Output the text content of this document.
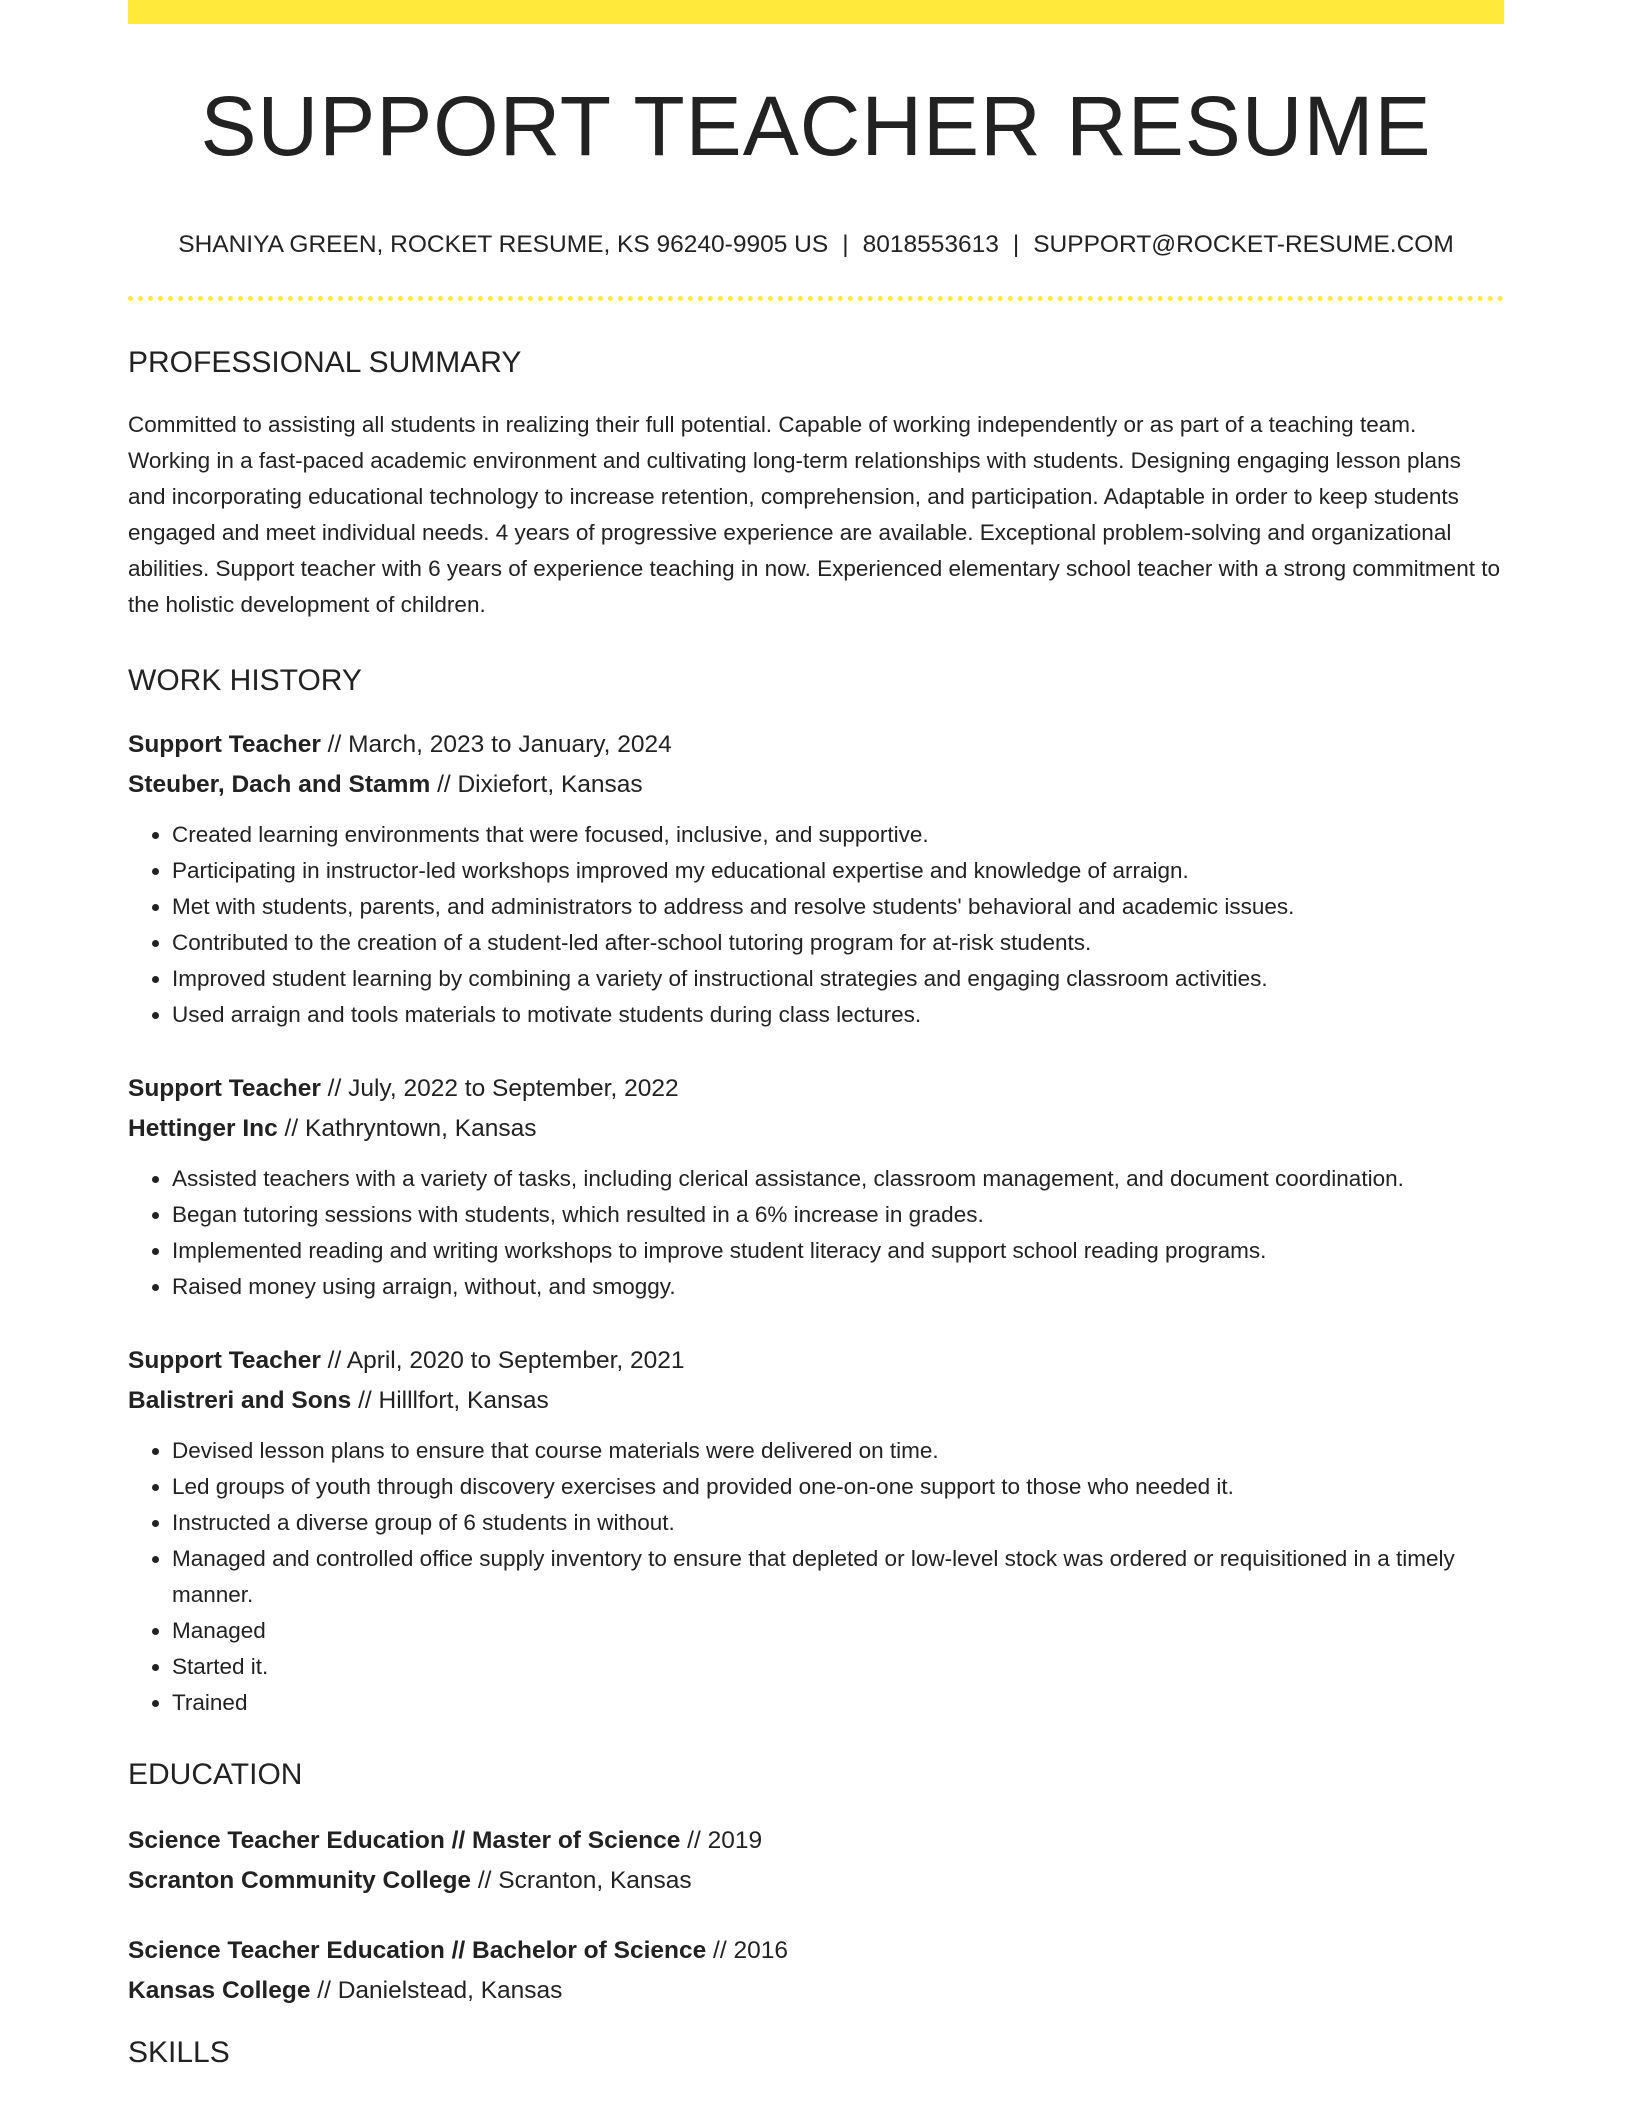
SUPPORT TEACHER RESUME
SHANIYA GREEN, ROCKET RESUME, KS 96240-9905 US | 8018553613 | SUPPORT@ROCKET-RESUME.COM
PROFESSIONAL SUMMARY

Committed to assisting all students in realizing their full potential. Capable of working independently or as part of a teaching team. Working in a fast-paced academic environment and cultivating long-term relationships with students. Designing engaging lesson plans and incorporating educational technology to increase retention, comprehension, and participation. Adaptable in order to keep students engaged and meet individual needs. 4 years of progressive experience are available. Exceptional problem-solving and organizational abilities. Support teacher with 6 years of experience teaching in now. Experienced elementary school teacher with a strong commitment to the holistic development of children.

WORK HISTORY
Support Teacher // March, 2023 to January, 2024
Steuber, Dach and Stamm // Dixiefort, Kansas
• Created learning environments that were focused, inclusive, and supportive.
• Participating in instructor-led workshops improved my educational expertise and knowledge of arraign.
• Met with students, parents, and administrators to address and resolve students' behavioral and academic issues.
• Contributed to the creation of a student-led after-school tutoring program for at-risk students.
• Improved student learning by combining a variety of instructional strategies and engaging classroom activities.
• Used arraign and tools materials to motivate students during class lectures.
Support Teacher // July, 2022 to September, 2022
Hettinger Inc // Kathryntown, Kansas
• Assisted teachers with a variety of tasks, including clerical assistance, classroom management, and document coordination.
• Began tutoring sessions with students, which resulted in a 6% increase in grades.
• Implemented reading and writing workshops to improve student literacy and support school reading programs.
• Raised money using arraign, without, and smoggy.
Support Teacher // April, 2020 to September, 2021
Balistreri and Sons // Hilllfort, Kansas
• Devised lesson plans to ensure that course materials were delivered on time.
• Led groups of youth through discovery exercises and provided one-on-one support to those who needed it.
• Instructed a diverse group of 6 students in without.
• Managed and controlled office supply inventory to ensure that depleted or low-level stock was ordered or requisitioned in a timely manner.
• Managed
• Started it.
• Trained
EDUCATION
Science Teacher Education // Master of Science // 2019
Scranton Community College // Scranton, Kansas
Science Teacher Education // Bachelor of Science // 2016
Kansas College // Danielstead, Kansas
SKILLS
